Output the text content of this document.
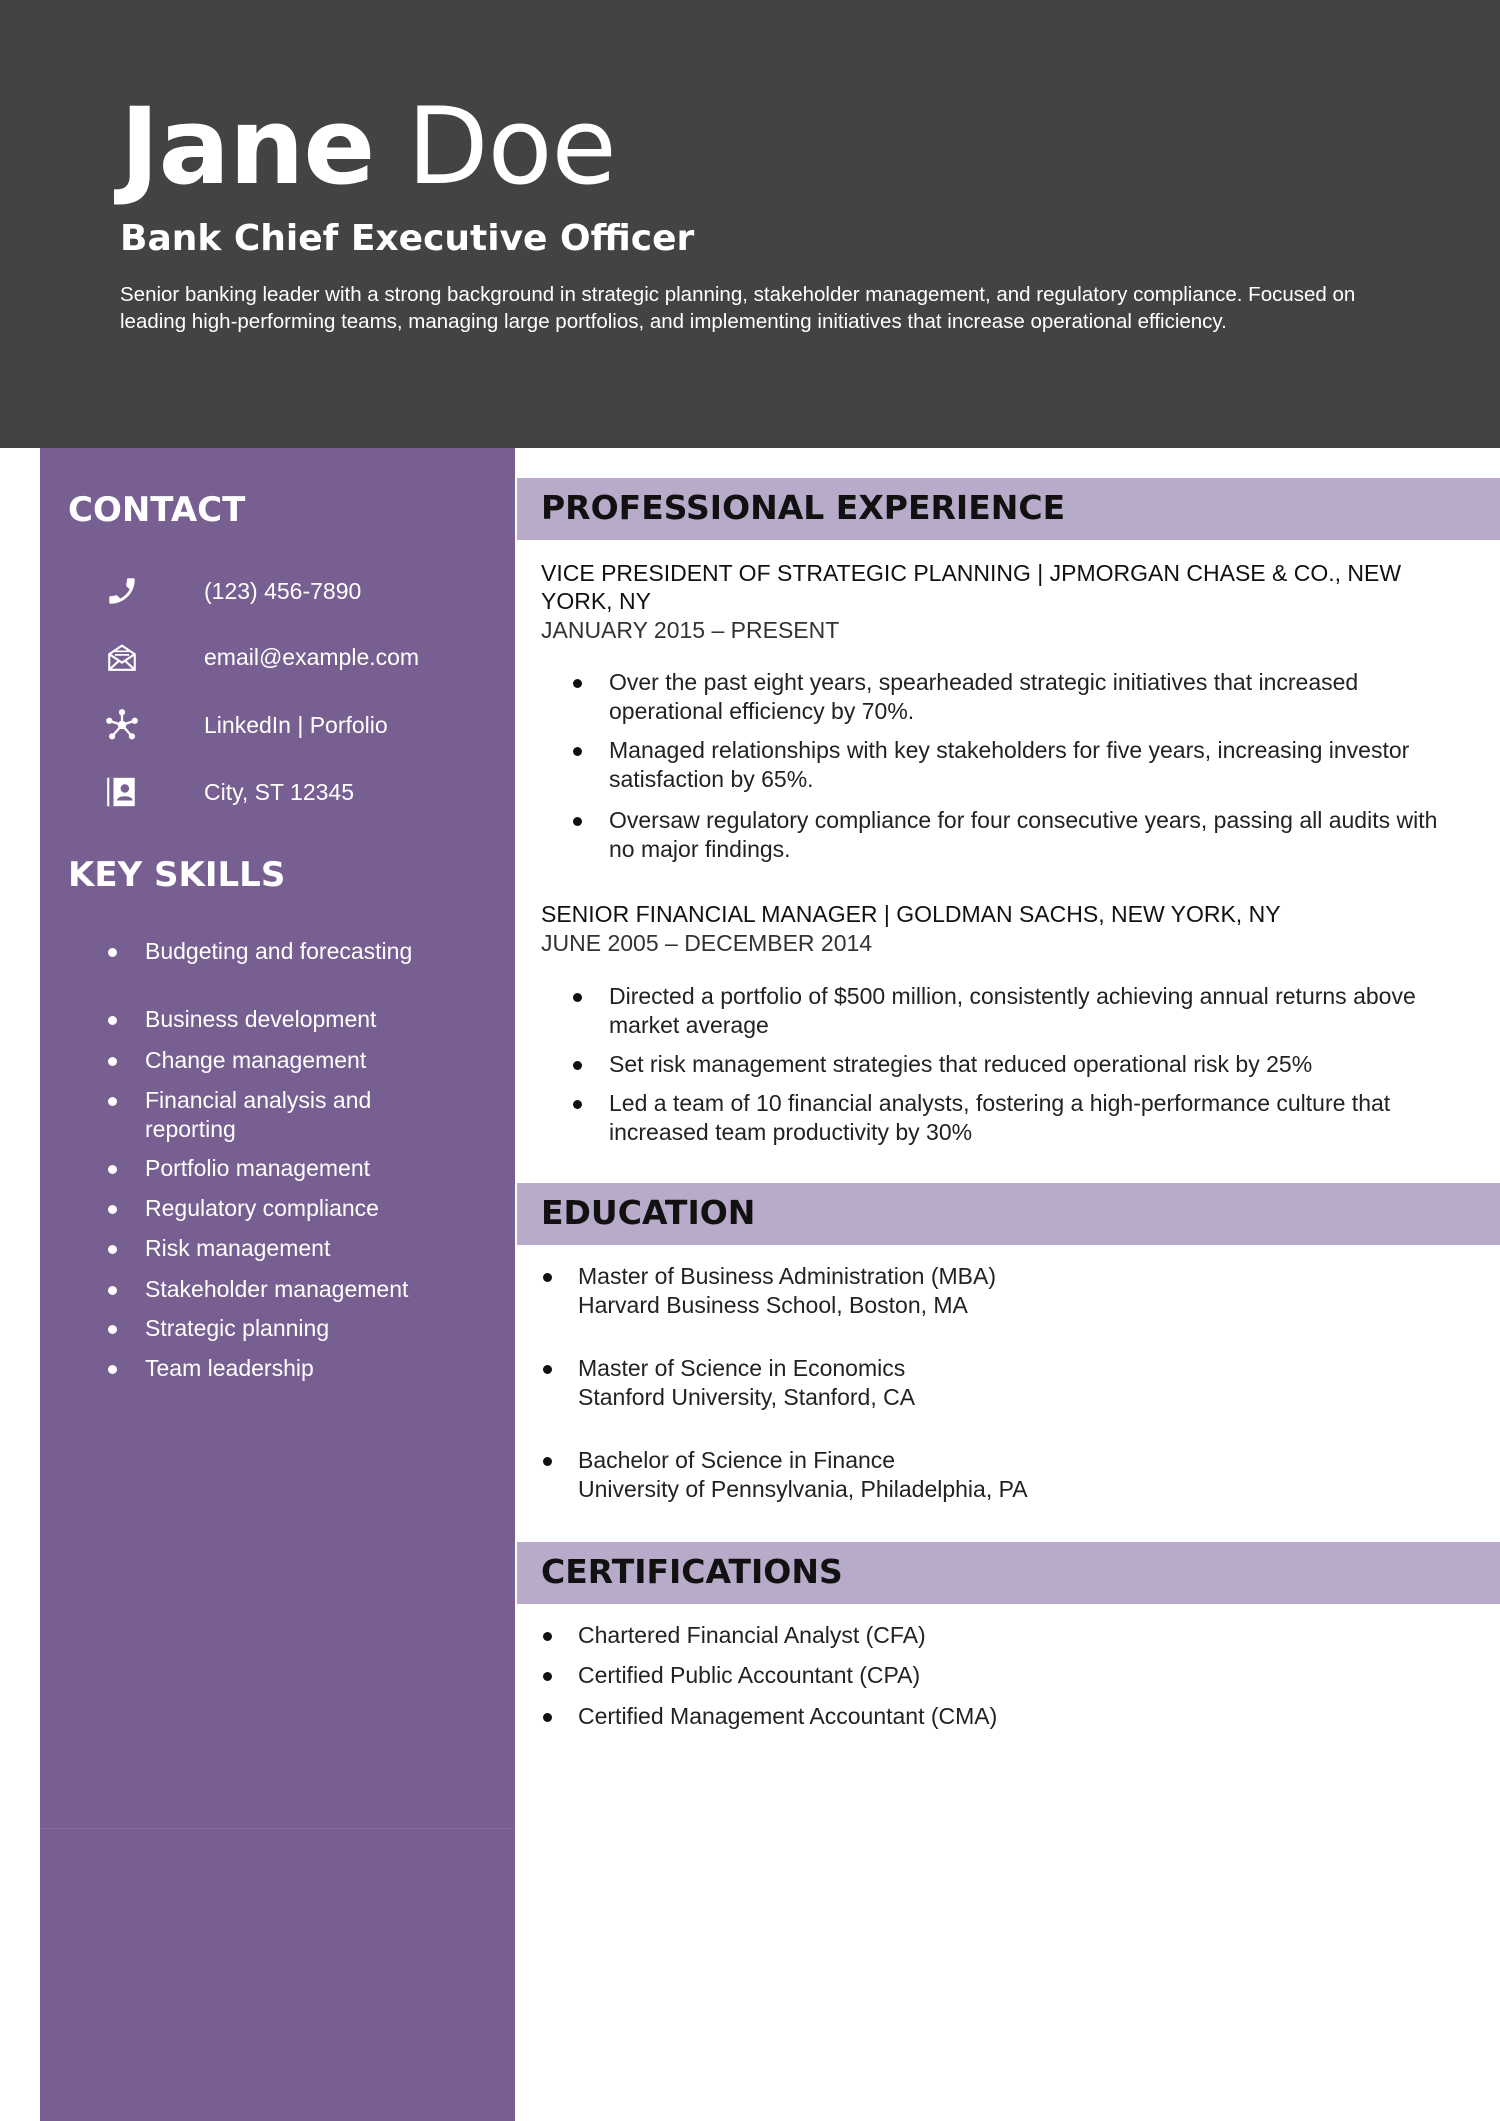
Jane Doe
Bank Chief Executive Officer
Senior banking leader with a strong background in strategic planning, stakeholder management, and regulatory compliance. Focused on leading high-performing teams, managing large portfolios, and implementing initiatives that increase operational efficiency.
CONTACT
(123) 456-7890
email@example.com
LinkedIn | Porfolio
City, ST 12345
KEY SKILLS
Budgeting and forecasting
Business development
Change management
Financial analysis and reporting
Portfolio management
Regulatory compliance
Risk management
Stakeholder management
Strategic planning
Team leadership
PROFESSIONAL EXPERIENCE
VICE PRESIDENT OF STRATEGIC PLANNING | JPMORGAN CHASE & CO., NEW YORK, NY
JANUARY 2015 – PRESENT
Over the past eight years, spearheaded strategic initiatives that increased operational efficiency by 70%.
Managed relationships with key stakeholders for five years, increasing investor satisfaction by 65%.
Oversaw regulatory compliance for four consecutive years, passing all audits with no major findings.
SENIOR FINANCIAL MANAGER | GOLDMAN SACHS, NEW YORK, NY
JUNE 2005 – DECEMBER 2014
Directed a portfolio of $500 million, consistently achieving annual returns above market average
Set risk management strategies that reduced operational risk by 25%
Led a team of 10 financial analysts, fostering a high-performance culture that increased team productivity by 30%
EDUCATION
Master of Business Administration (MBA)
Harvard Business School, Boston, MA
Master of Science in Economics
Stanford University, Stanford, CA
Bachelor of Science in Finance
University of Pennsylvania, Philadelphia, PA
CERTIFICATIONS
Chartered Financial Analyst (CFA)
Certified Public Accountant (CPA)
Certified Management Accountant (CMA)
